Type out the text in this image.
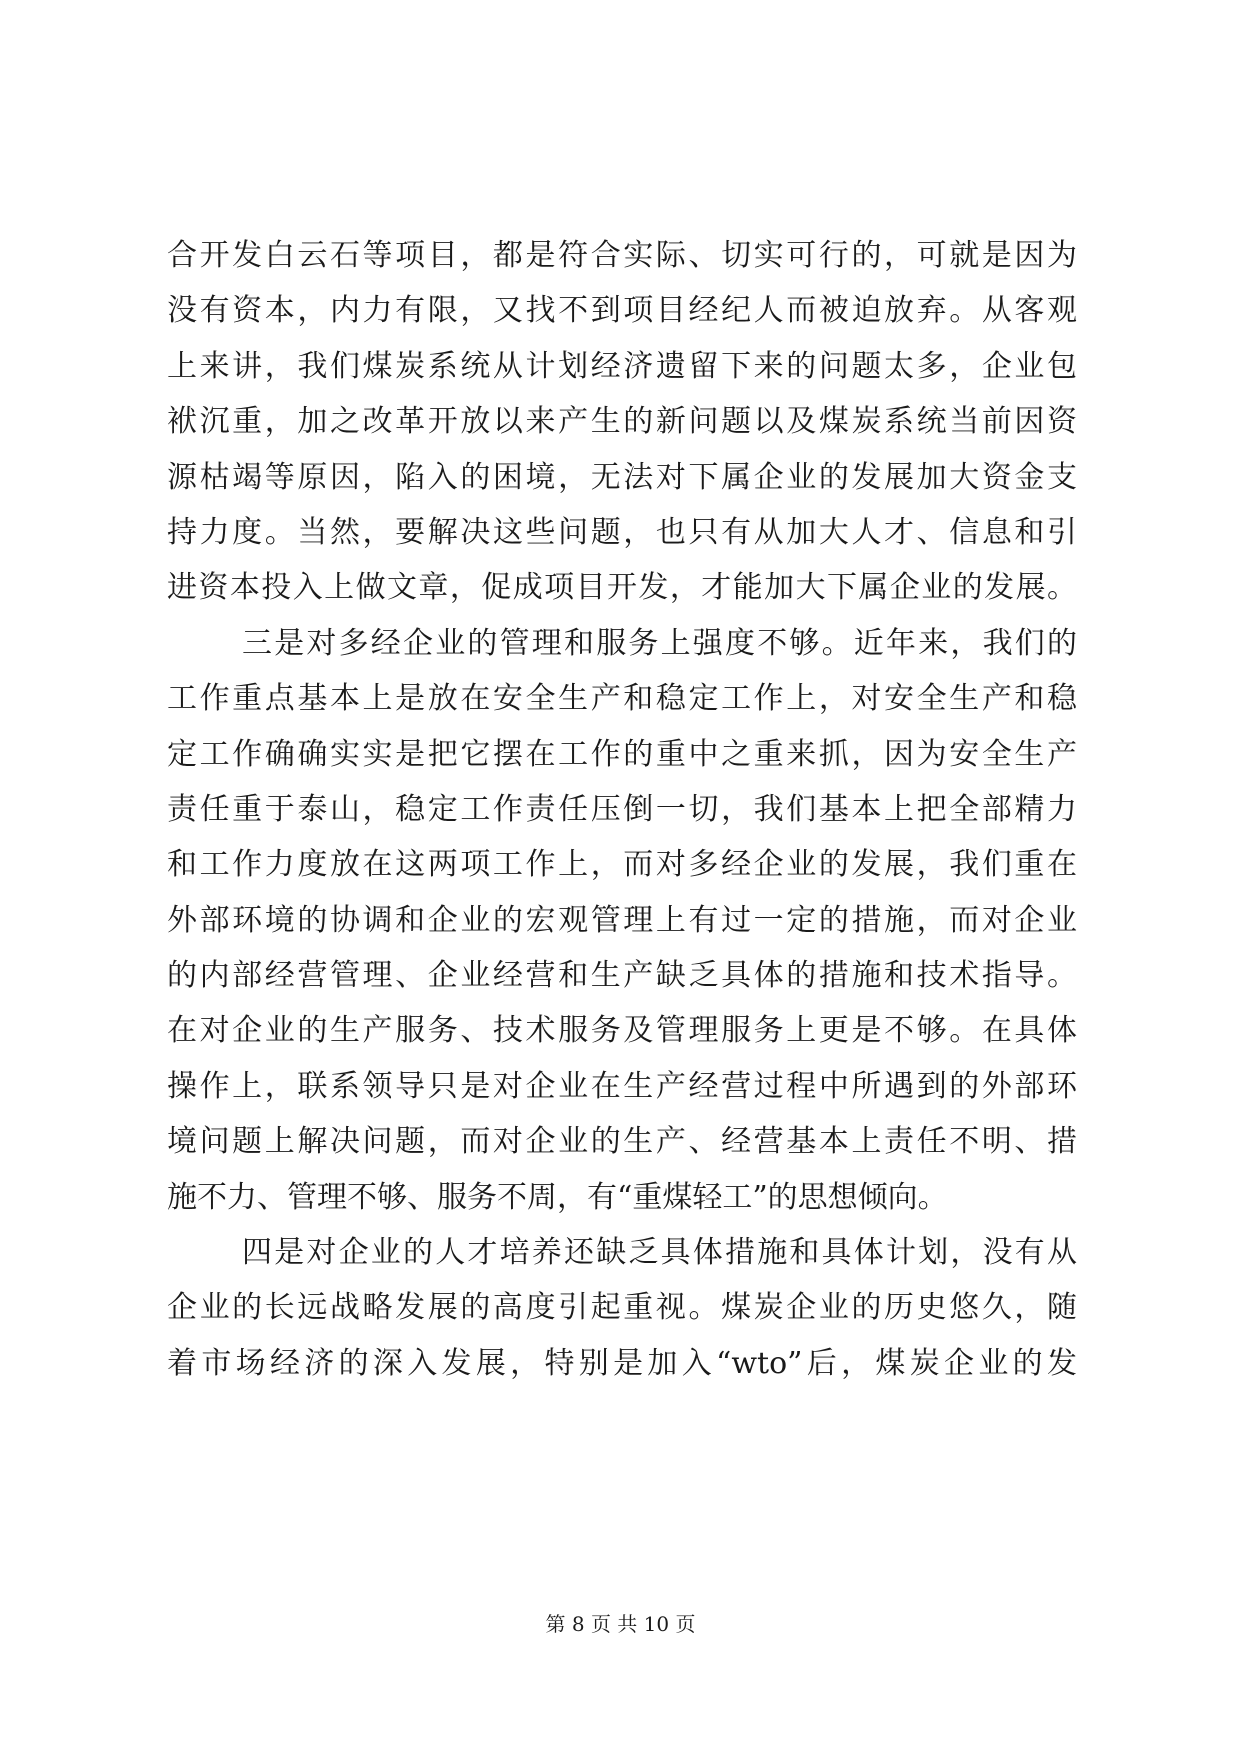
合开发白云石等项目，都是符合实际、切实可行的，可就是因为
没有资本，内力有限，又找不到项目经纪人而被迫放弃。从客观
上来讲，我们煤炭系统从计划经济遗留下来的问题太多，企业包
袱沉重，加之改革开放以来产生的新问题以及煤炭系统当前因资
源枯竭等原因，陷入的困境，无法对下属企业的发展加大资金支
持力度。当然，要解决这些问题，也只有从加大人才、信息和引
进资本投入上做文章，促成项目开发，才能加大下属企业的发展。
三是对多经企业的管理和服务上强度不够。近年来，我们的
工作重点基本上是放在安全生产和稳定工作上，对安全生产和稳
定工作确确实实是把它摆在工作的重中之重来抓，因为安全生产
责任重于泰山，稳定工作责任压倒一切，我们基本上把全部精力
和工作力度放在这两项工作上，而对多经企业的发展，我们重在
外部环境的协调和企业的宏观管理上有过一定的措施，而对企业
的内部经营管理、企业经营和生产缺乏具体的措施和技术指导。
在对企业的生产服务、技术服务及管理服务上更是不够。在具体
操作上，联系领导只是对企业在生产经营过程中所遇到的外部环
境问题上解决问题，而对企业的生产、经营基本上责任不明、措
施不力、管理不够、服务不周，有“重煤轻工”的思想倾向。
四是对企业的人才培养还缺乏具体措施和具体计划，没有从
企业的长远战略发展的高度引起重视。煤炭企业的历史悠久，随
着市场经济的深入发展，特别是加入“wto”后，煤炭企业的发
第 8 页 共 10 页
